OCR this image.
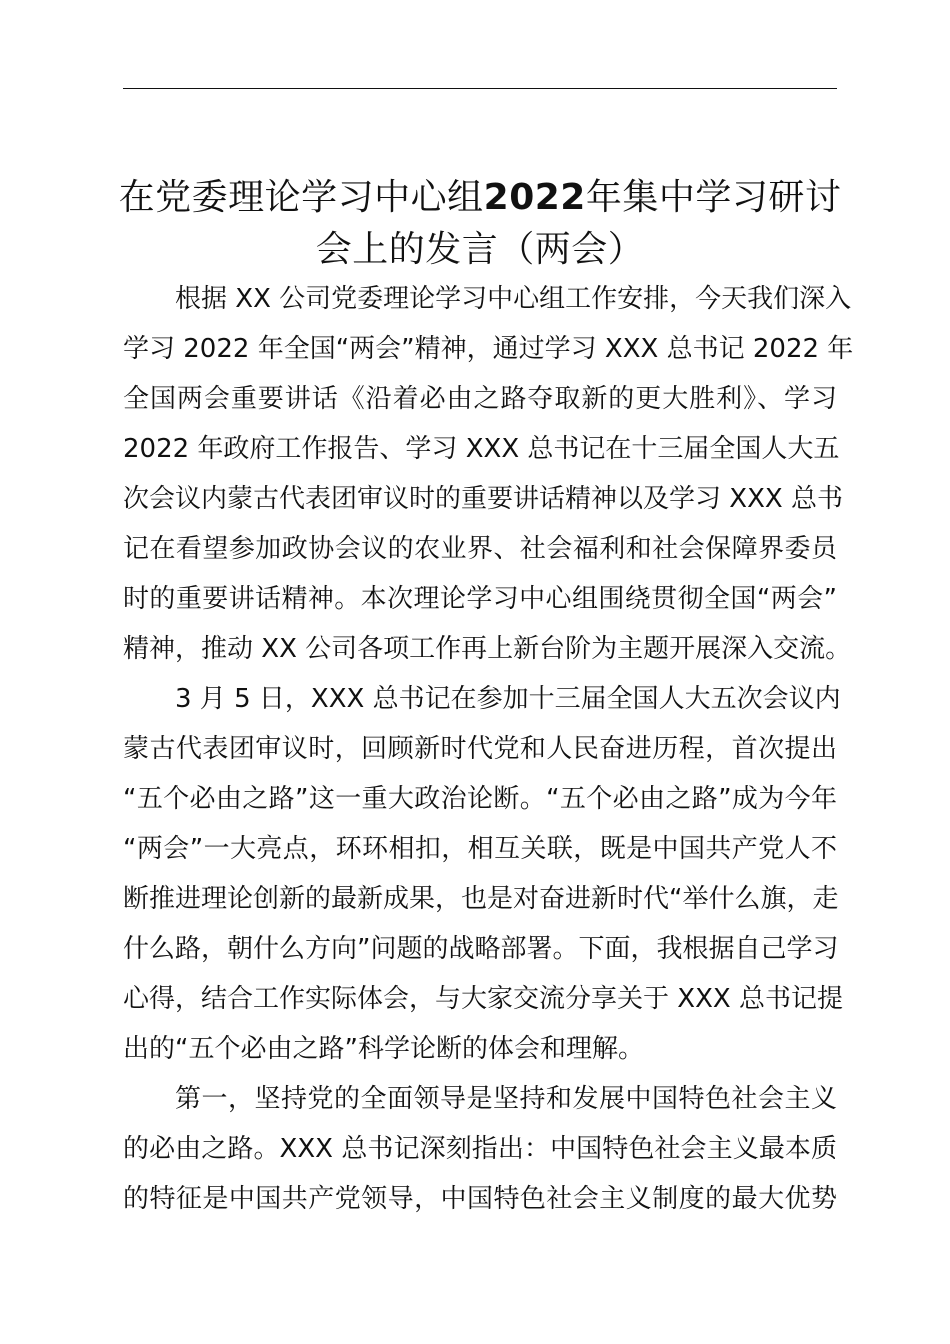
在党委理论学习中心组2022年集中学习研讨
会上的发言（两会）

根据 XX 公司党委理论学习中心组工作安排，今天我们深入
学习 2022 年全国“两会”精神，通过学习 XXX 总书记 2022 年
全国两会重要讲话《沿着必由之路夺取新的更大胜利》、学习
2022 年政府工作报告、学习 XXX 总书记在十三届全国人大五
次会议内蒙古代表团审议时的重要讲话精神以及学习 XXX 总书
记在看望参加政协会议的农业界、社会福利和社会保障界委员
时的重要讲话精神。本次理论学习中心组围绕贯彻全国“两会”
精神，推动 XX 公司各项工作再上新台阶为主题开展深入交流。

3 月 5 日，XXX 总书记在参加十三届全国人大五次会议内
蒙古代表团审议时，回顾新时代党和人民奋进历程，首次提出
“五个必由之路”这一重大政治论断。“五个必由之路”成为今年
“两会”一大亮点，环环相扣，相互关联，既是中国共产党人不
断推进理论创新的最新成果，也是对奋进新时代“举什么旗，走
什么路，朝什么方向”问题的战略部署。下面，我根据自己学习
心得，结合工作实际体会，与大家交流分享关于 XXX 总书记提
出的“五个必由之路”科学论断的体会和理解。

第一，坚持党的全面领导是坚持和发展中国特色社会主义
的必由之路。XXX 总书记深刻指出：中国特色社会主义最本质
的特征是中国共产党领导，中国特色社会主义制度的最大优势
